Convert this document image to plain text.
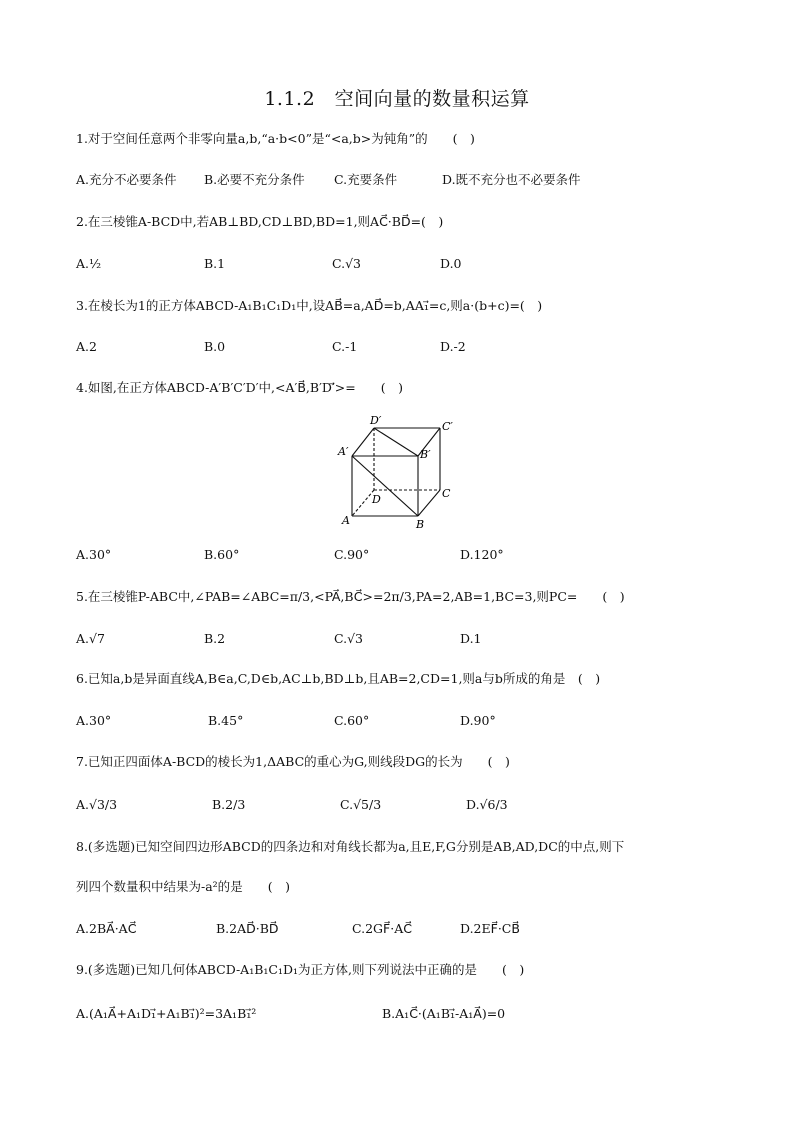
1.1.2　空间向量的数量积运算
1.对于空间任意两个非零向量a,b,“a·b<0”是“<a,b>为钝角”的　　(　)
A.充分不必要条件 B.必要不充分条件 C.充要条件	D.既不充分也不必要条件
2.在三棱锥A-BCD中,若AB⊥BD,CD⊥BD,BD=1,则AC⃗·BD⃗=(　)
A.½	B.1	C.√3	D.0
3.在棱长为1的正方体ABCD-A₁B₁C₁D₁中,设AB⃗=a,AD⃗=b,AA₁⃗=c,则a·(b+c)=(　)
A.2	B.0	C.-1	D.-2
4.如图,在正方体ABCD-A′B′C′D′中,<A′B⃗,B′D′⃗>=　　(　)
D′	C′
A′	B′
C
D
A	B
A.30°	B.60°	C.90°	D.120°
5.在三棱锥P-ABC中,∠PAB=∠ABC=π/3,<PA⃗,BC⃗>=2π/3,PA=2,AB=1,BC=3,则PC=　　(　)
A.√7	B.2	C.√3	D.1
6.已知a,b是异面直线A,B∈a,C,D∈b,AC⊥b,BD⊥b,且AB=2,CD=1,则a与b所成的角是　(　)
A.30°	B.45°	C.60°	D.90°
7.已知正四面体A-BCD的棱长为1,ΔABC的重心为G,则线段DG的长为　　(　)
A.√3/3	B.2/3	C.√5/3	D.√6/3
8.(多选题)已知空间四边形ABCD的四条边和对角线长都为a,且E,F,G分别是AB,AD,DC的中点,则下
列四个数量积中结果为-a²的是　　(　)
A.2BA⃗·AC⃗	B.2AD⃗·BD⃗	C.2GF⃗·AC⃗	D.2EF⃗·CB⃗
9.(多选题)已知几何体ABCD-A₁B₁C₁D₁为正方体,则下列说法中正确的是　　(　)
A.(A₁A⃗+A₁D₁⃗+A₁B₁⃗)²=3A₁B₁⃗²	B.A₁C⃗·(A₁B₁⃗-A₁A⃗)=0
